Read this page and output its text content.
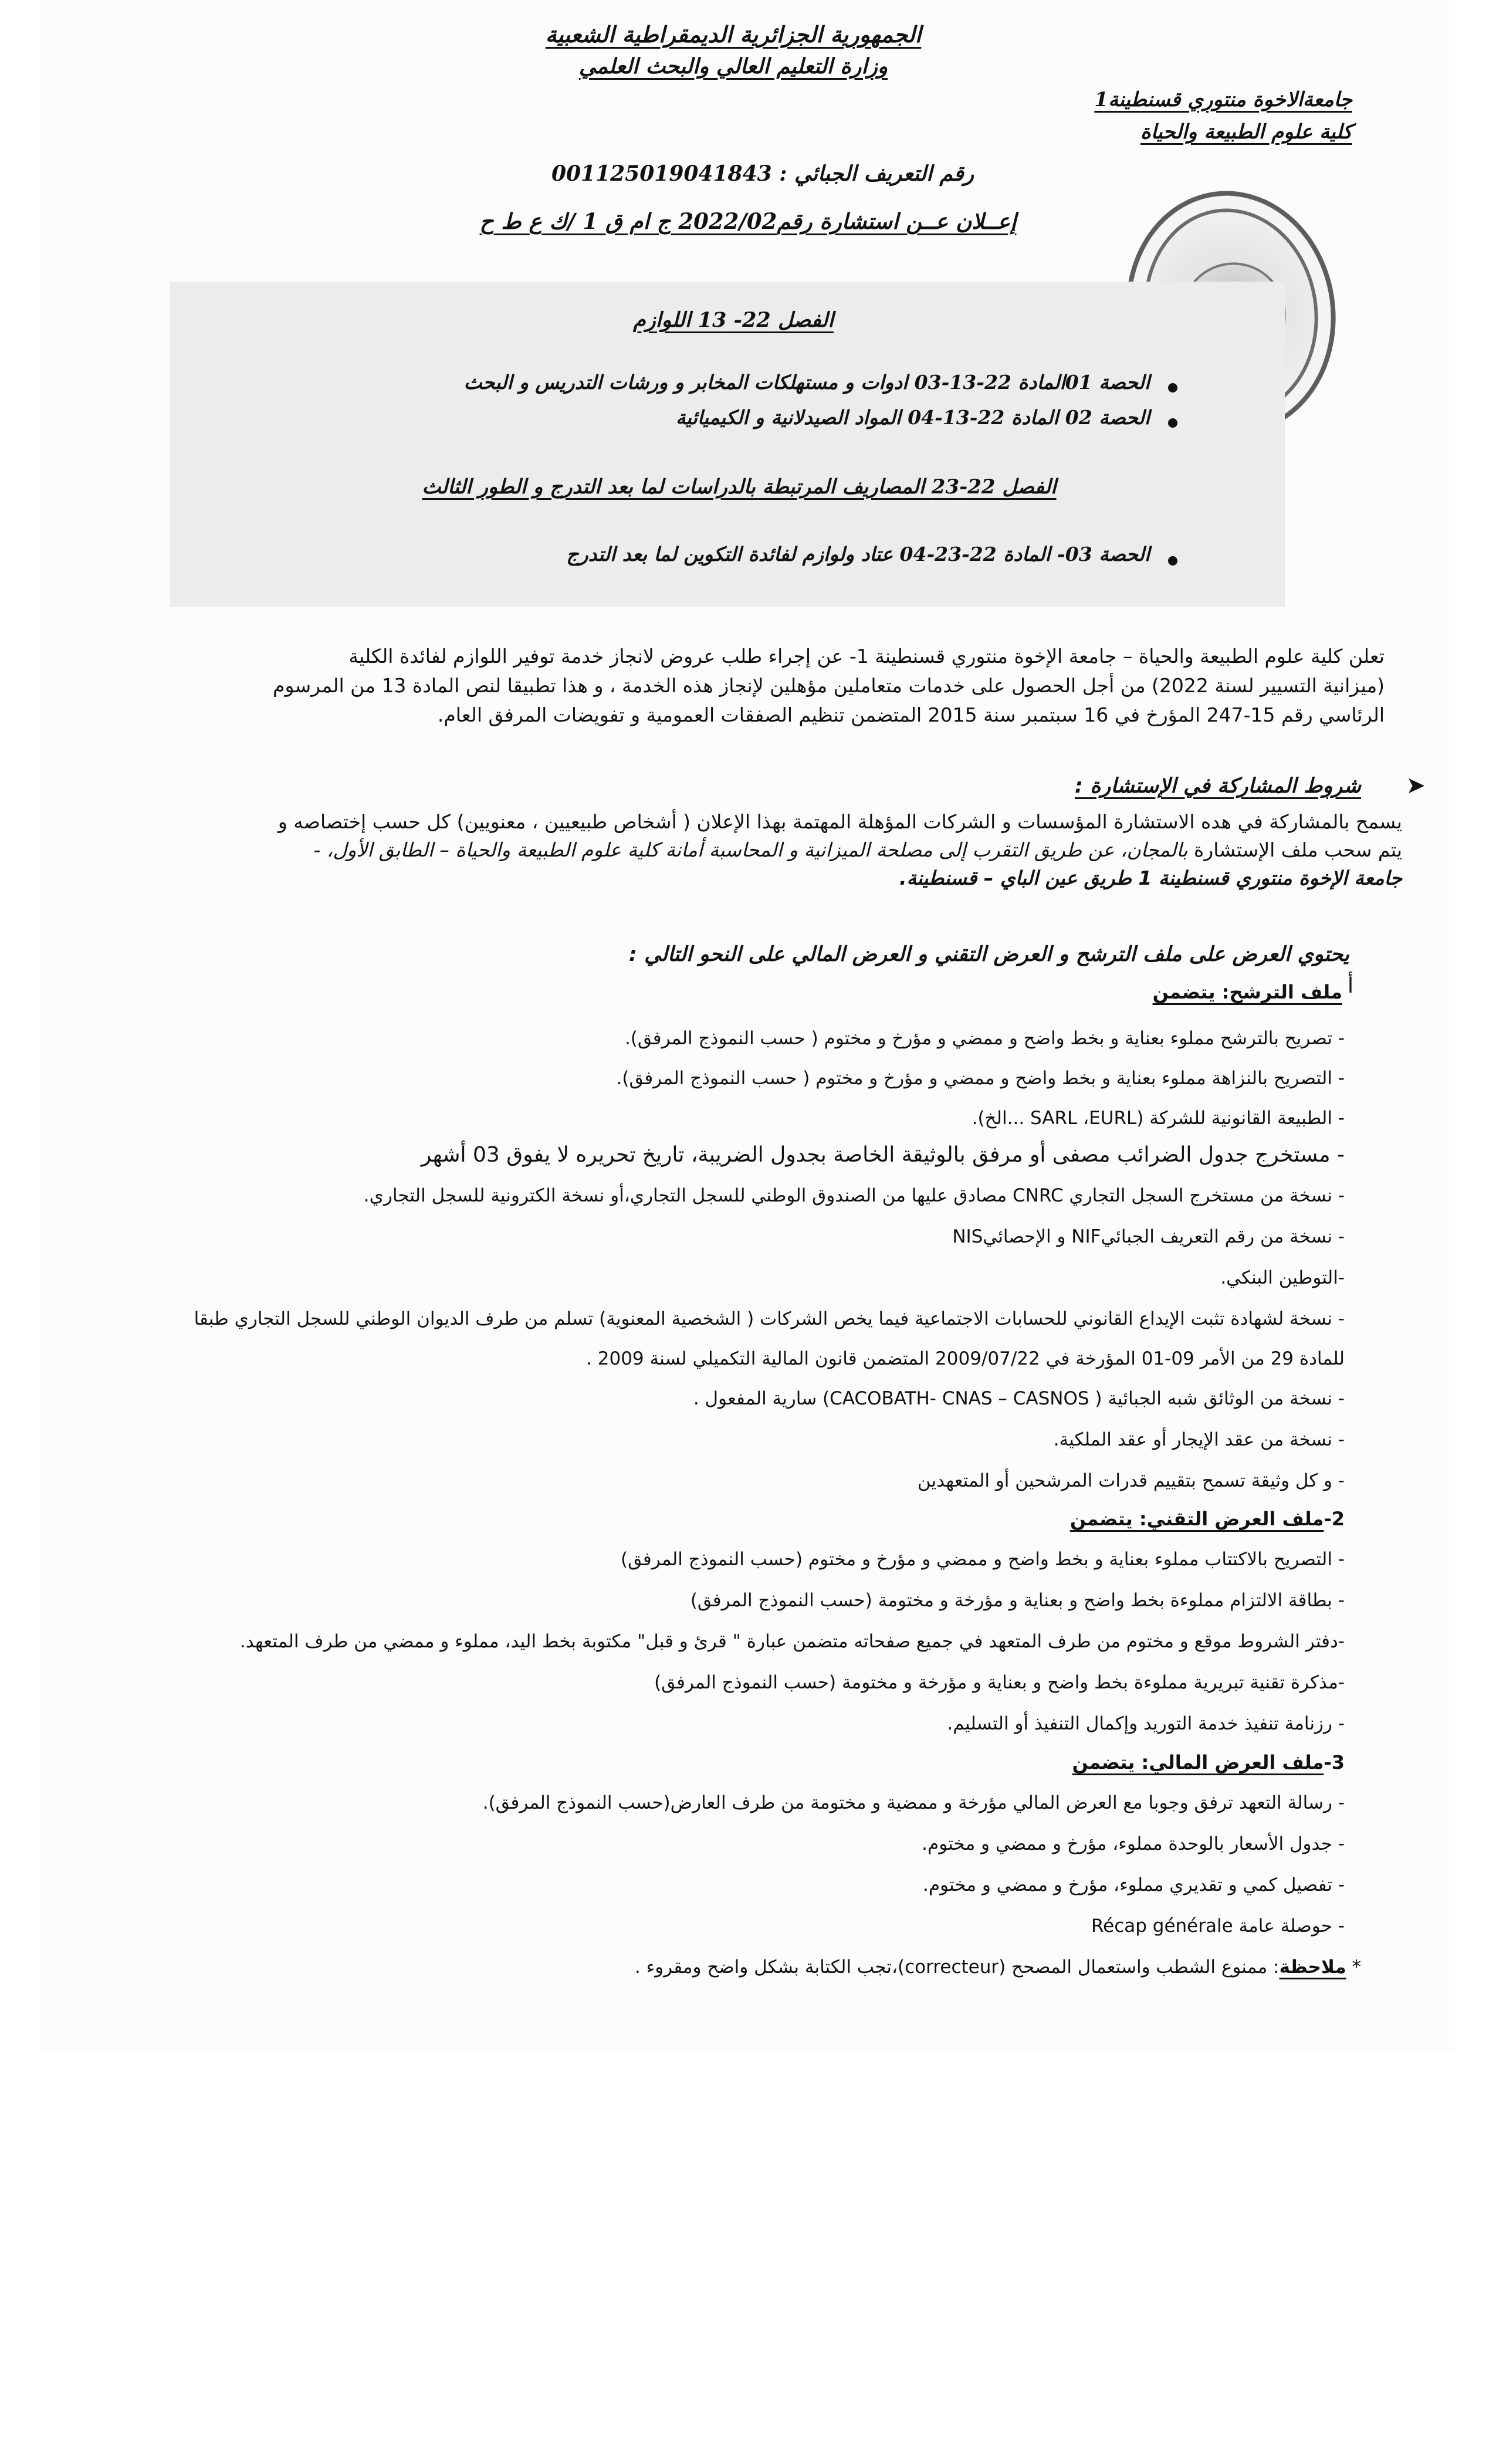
الجمهورية الجزائرية الديمقراطية الشعبية
وزارة التعليم العالي والبحث العلمي
جامعةالاخوة منتوري قسنطينة1
كلية علوم الطبيعة والحياة
رقم التعريف الجبائي : 001125019041843
إعــلان عــن استشارة رقم2022/02 ج ام ق 1 /ك ع ط ح
الفصل 22- 13 اللوازم
الحصة 01المادة 22-13-03 ادوات و مستهلكات المخابر و ورشات التدريس و البحث
الحصة 02 المادة 22-13-04 المواد الصيدلانية و الكيميائية
الفصل 22-23 المصاريف المرتبطة بالدراسات لما بعد التدرج و الطور الثالث
الحصة 03- المادة 22-23-04 عتاد ولوازم لفائدة التكوين لما بعد التدرج
تعلن كلية علوم الطبيعة والحياة – جامعة الإخوة منتوري قسنطينة 1- عن إجراء طلب عروض لانجاز خدمة توفير اللوازم لفائدة الكلية
(ميزانية التسيير لسنة 2022) من أجل الحصول على خدمات متعاملين مؤهلين لإنجاز هذه الخدمة ، و هذا تطبيقا لنص المادة 13 من المرسوم
الرئاسي رقم 15-247 المؤرخ في 16 سبتمبر سنة 2015 المتضمن تنظيم الصفقات العمومية و تفويضات المرفق العام.
➤
شروط المشاركة في الإستشارة :
يسمح بالمشاركة في هده الاستشارة المؤسسات و الشركات المؤهلة المهتمة بهذا الإعلان ( أشخاص طبيعيين ، معنويين) كل حسب إختصاصه و
يتم سحب ملف الإستشارة بالمجان، عن طريق التقرب إلى مصلحة الميزانية و المحاسبة أمانة كلية علوم الطبيعة والحياة – الطابق الأول، -
جامعة الإخوة منتوري قسنطينة 1 طريق عين الباي – قسنطينة.
يحتوي العرض على ملف الترشح و العرض التقني و العرض المالي على النحو التالي :
أ
ملف الترشح: يتضمن
- تصريح بالترشح مملوء بعناية و بخط واضح و ممضي و مؤرخ و مختوم ( حسب النموذج المرفق).
- التصريح بالنزاهة مملوء بعناية و بخط واضح و ممضي و مؤرخ و مختوم ( حسب النموذج المرفق).
- الطبيعة القانونية للشركة (SARL ،EURL ...الخ).
- مستخرج جدول الضرائب مصفى أو مرفق بالوثيقة الخاصة بجدول الضريبة، تاريخ تحريره لا يفوق 03 أشهر
- نسخة من مستخرج السجل التجاري CNRC مصادق عليها من الصندوق الوطني للسجل التجاري،أو نسخة الكترونية للسجل التجاري.
- نسخة من رقم التعريف الجبائيNIF و الإحصائيNIS
-التوطين البنكي.
- نسخة لشهادة تثبت الإيداع القانوني للحسابات الاجتماعية فيما يخص الشركات ( الشخصية المعنوية) تسلم من طرف الديوان الوطني للسجل التجاري طبقا
للمادة 29 من الأمر 09-01 المؤرخة في 2009/07/22 المتضمن قانون المالية التكميلي لسنة 2009 .
- نسخة من الوثائق شبه الجبائية ( CACOBATH- CNAS – CASNOS) سارية المفعول .
- نسخة من عقد الإيجار أو عقد الملكية.
- و كل وثيقة تسمح بتقييم قدرات المرشحين أو المتعهدين
2-ملف العرض التقني: يتضمن
- التصريح بالاكتتاب مملوء بعناية و بخط واضح و ممضي و مؤرخ و مختوم (حسب النموذج المرفق)
- بطاقة الالتزام مملوءة بخط واضح و بعناية و مؤرخة و مختومة (حسب النموذج المرفق)
-دفتر الشروط موقع و مختوم من طرف المتعهد في جميع صفحاته متضمن عبارة " قرئ و قبل" مكتوبة بخط اليد، مملوء و ممضي من طرف المتعهد.
-مذكرة تقنية تبريرية مملوءة بخط واضح و بعناية و مؤرخة و مختومة (حسب النموذج المرفق)
- رزنامة تنفيذ خدمة التوريد وإكمال التنفيذ أو التسليم.
3-ملف العرض المالي: يتضمن
- رسالة التعهد ترفق وجوبا مع العرض المالي مؤرخة و ممضية و مختومة من طرف العارض(حسب النموذج المرفق).
- جدول الأسعار بالوحدة مملوء، مؤرخ و ممضي و مختوم.
- تفصيل كمي و تقديري مملوء، مؤرخ و ممضي و مختوم.
- حوصلة عامة Récap générale
* ملاحظة: ممنوع الشطب واستعمال المصحح (correcteur)،تجب الكتابة بشكل واضح ومقروء .
